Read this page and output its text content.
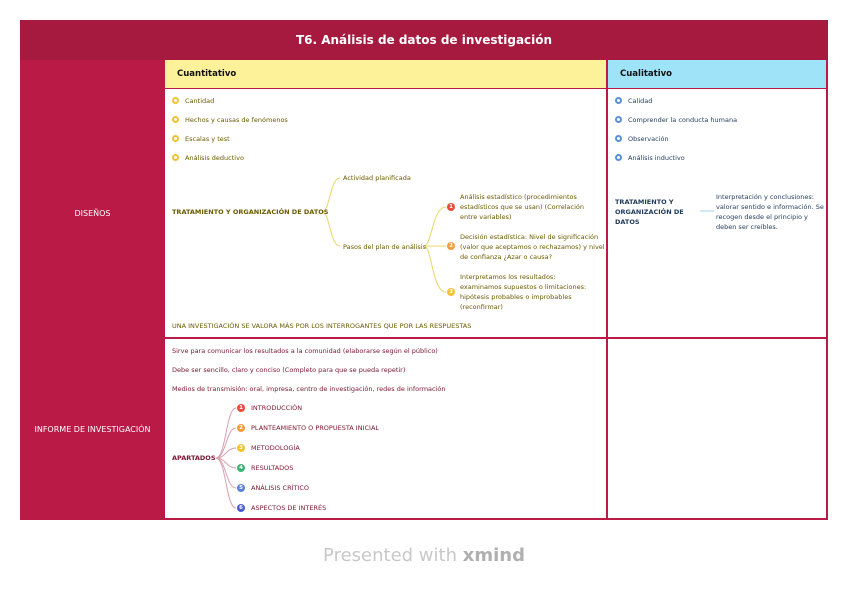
T6. Análisis de datos de investigación
Cuantitativo	Cualitativo
DISEÑOS
INFORME DE INVESTIGACIÓN
Cantidad
Hechos y causas de fenómenos
Escalas y test
Análisis deductivo
TRATAMIENTO Y ORGANIZACIÓN DE DATOS
Actividad planificada
Pasos del plan de análisis
1
Análisis estadístico (procedimientos
estadísticos que se usan) (Correlación
entre variables)
2
Decisión estadística: Nivel de significación
(valor que aceptamos o rechazamos) y nivel
de confianza ¿Azar o causa?
3
Interpretamos los resultados:
examinamos supuestos o limitaciones:
hipótesis probables o improbables
(reconfirmar)
UNA INVESTIGACIÓN SE VALORA MÁS POR LOS INTERROGANTES QUE POR LAS RESPUESTAS
Calidad
Comprender la conducta humana
Observación
Análisis inductivo
TRATAMIENTO Y
ORGANIZACIÓN DE
DATOS
Interpretación y conclusiones:
valorar sentido e información. Se
recogen desde el principio y
deben ser creíbles.
Sirve para comunicar los resultados a la comunidad (elaborarse según el público)
Debe ser sencillo, claro y conciso (Completo para que se pueda repetir)
Medios de transmisión: oral, impresa, centro de investigación, redes de información
APARTADOS
1	INTRODUCCIÓN
2	PLANTEAMIENTO O PROPUESTA INICIAL
3	METODOLOGÍA
4	RESULTADOS
5	ANÁLISIS CRÍTICO
6	ASPECTOS DE INTERÉS
Presented with xmind
